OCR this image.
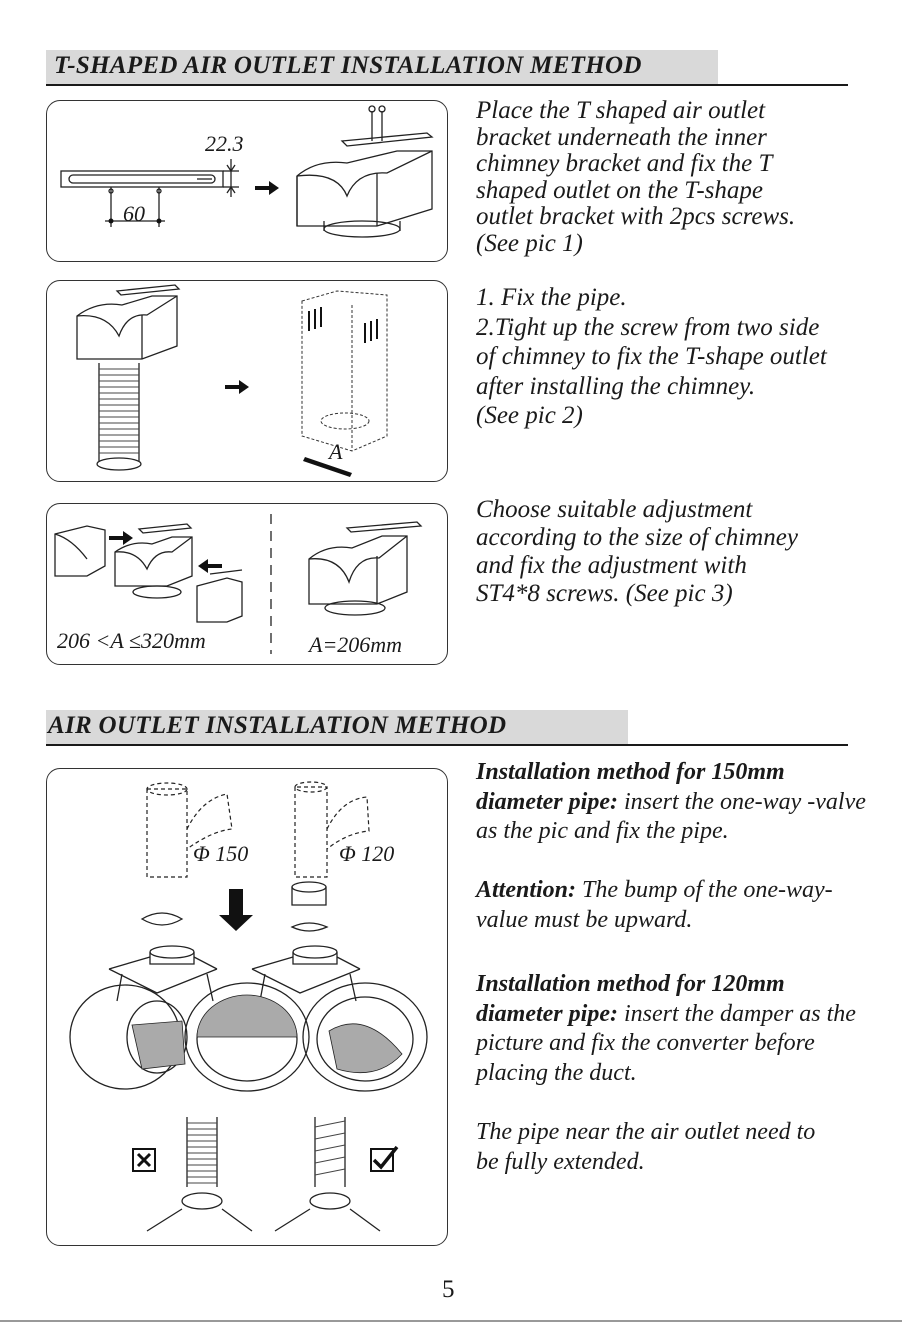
T-SHAPED AIR OUTLET INSTALLATION METHOD
22.3
60

Place the T shaped air outlet

bracket underneath the inner

chimney bracket and fix the T

shaped outlet on the T-shape

outlet bracket with 2pcs screws.

(See pic 1)

A

1. Fix the pipe.

2.Tight up the screw from two side

of chimney to fix the T-shape outlet

after installing the chimney.

(See pic 2)

206 <A ≤320mm	A=206mm

Choose suitable adjustment

according to the size of chimney

and fix the adjustment with

ST4*8 screws. (See pic 3)

AIR OUTLET INSTALLATION METHOD
Φ 150	Φ 120
Installation method for 150mm diameter pipe: insert the one-way -valve as the pic and fix the pipe.
Attention: The bump of the one-way-value must be upward.
Installation method for 120mm diameter pipe: insert the damper as the picture and fix the converter before placing the duct.
The pipe near the air outlet need to be fully extended.
5
